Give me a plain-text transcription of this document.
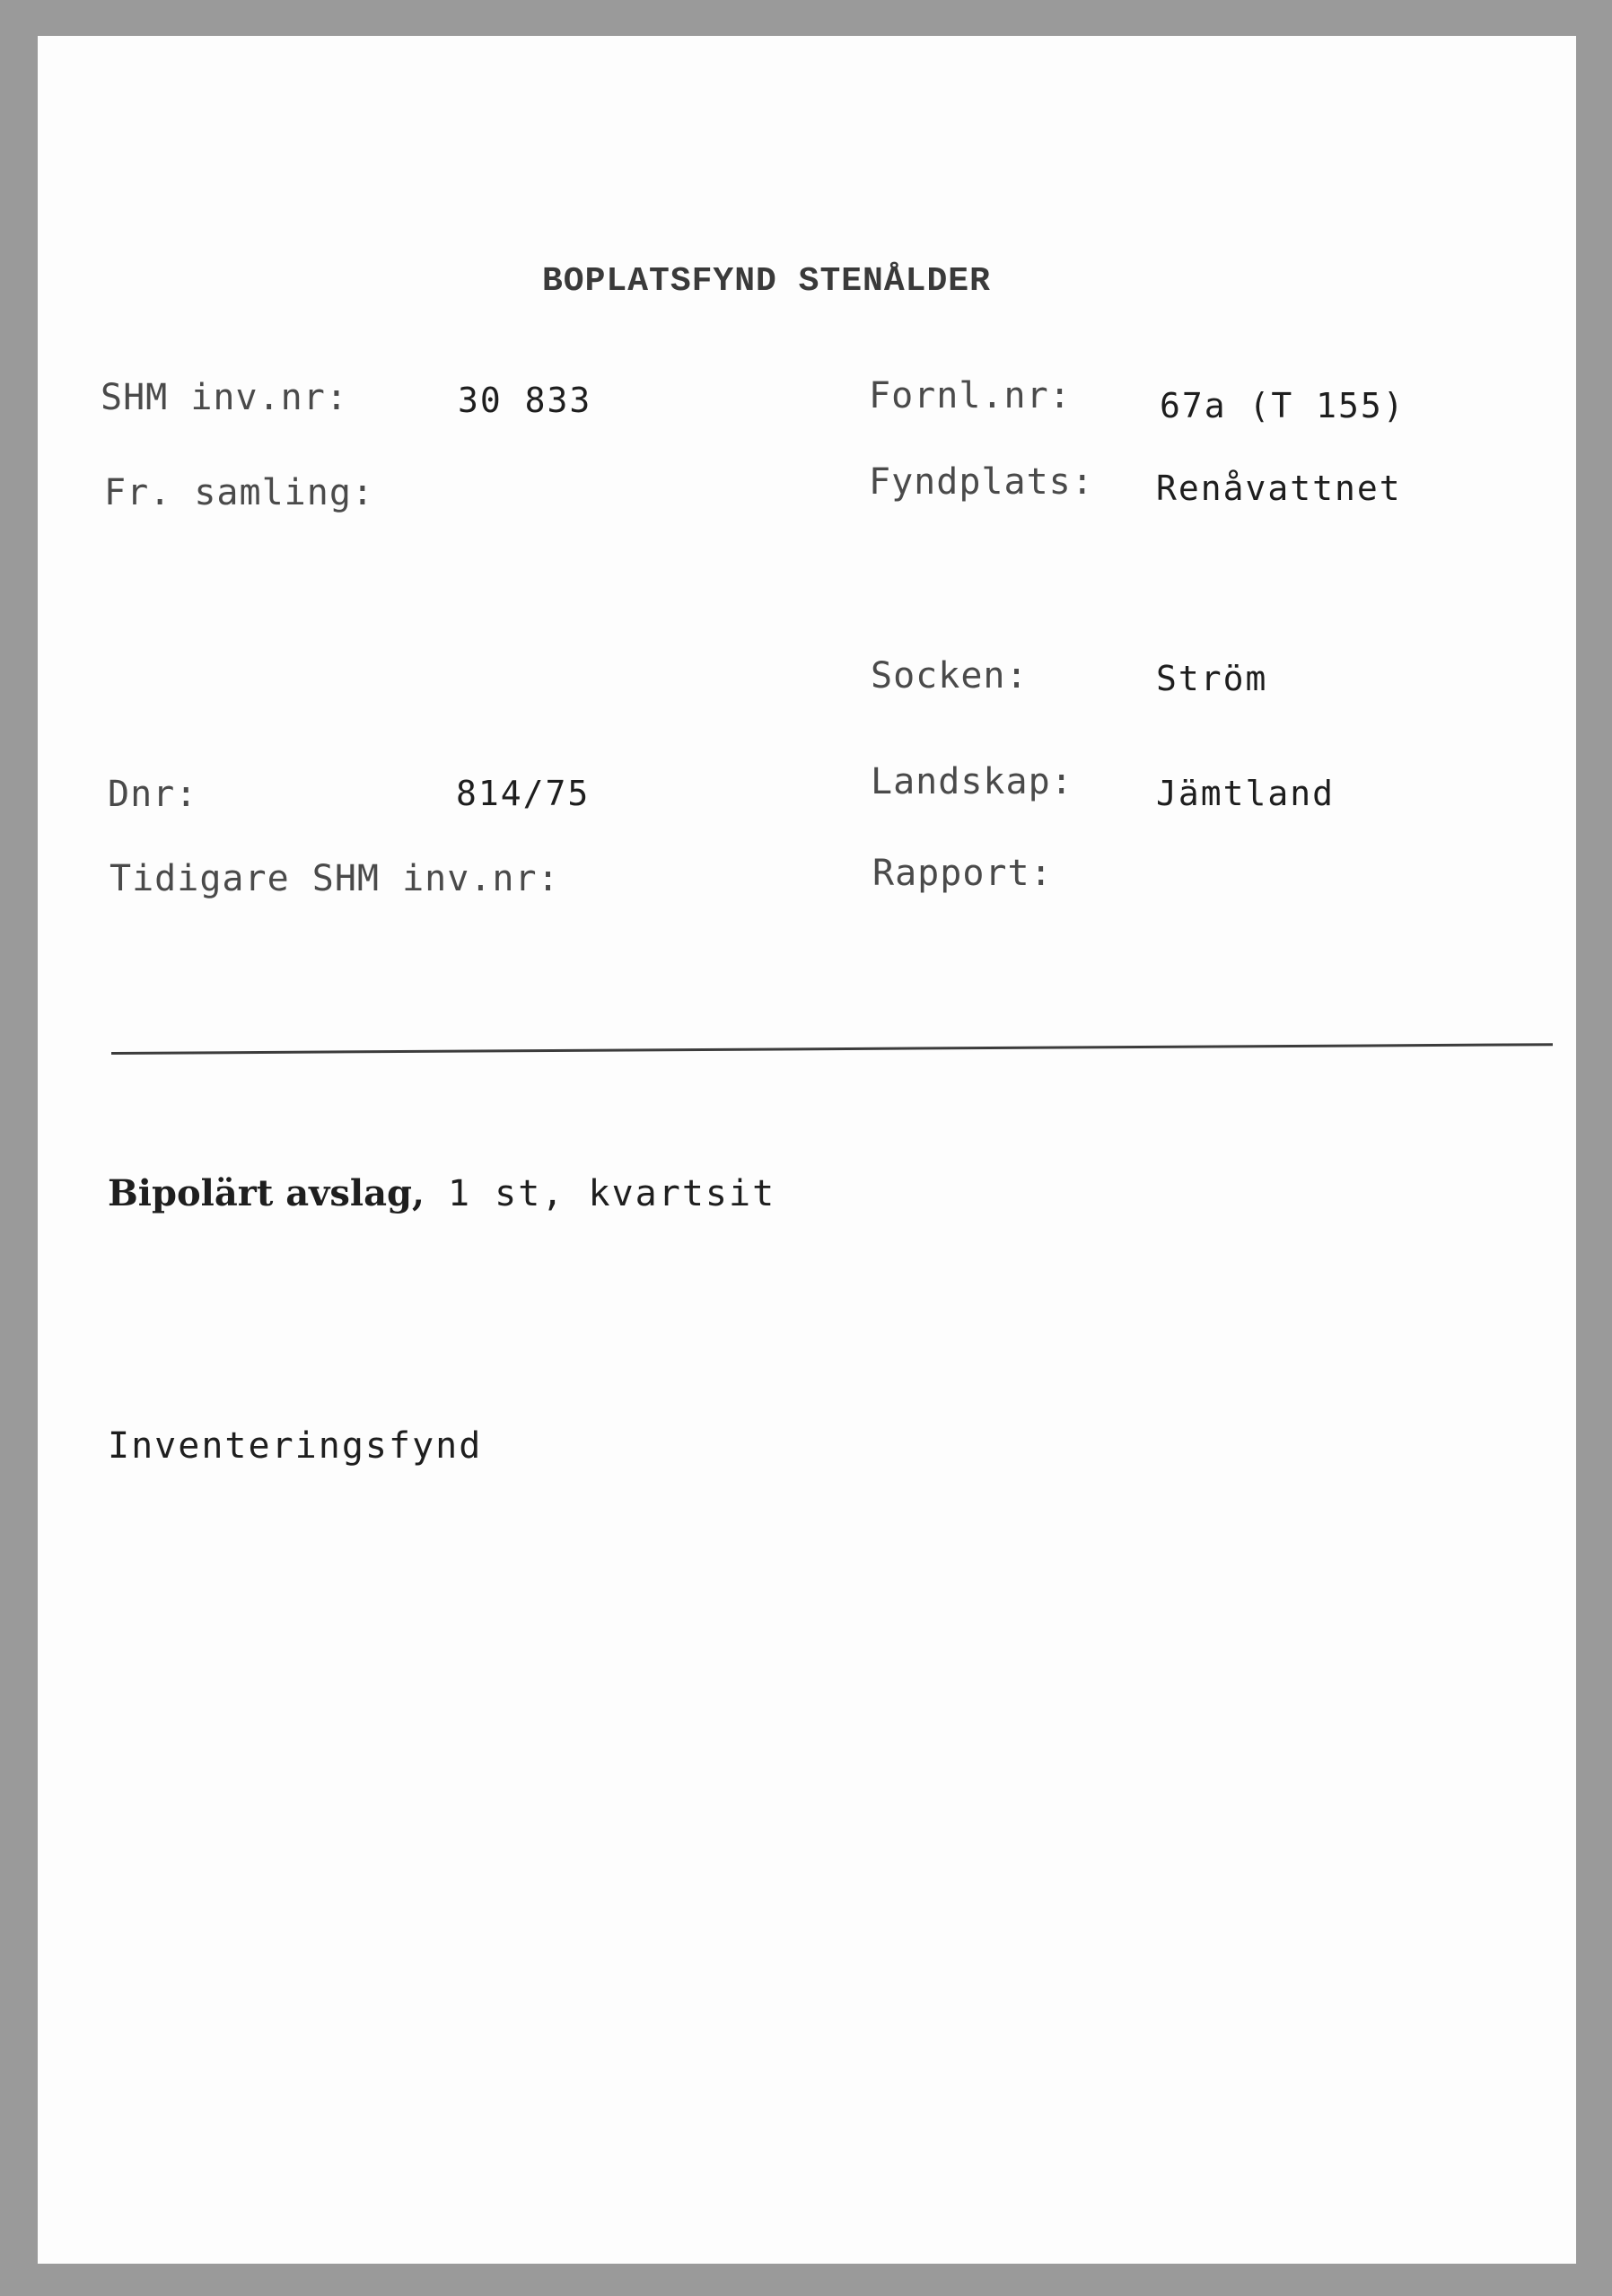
BOPLATSFYND STENÅLDER
SHM inv.nr:	30 833
Fr. samling:
Dnr:	814/75
Tidigare SHM inv.nr:
Fornl.nr:	67a (T 155)
Fyndplats: Renåvattnet
Socken:	Ström
Landskap: Jämtland
Rapport:
Bipolärt avslag, 1 st, kvartsit
Inventeringsfynd
